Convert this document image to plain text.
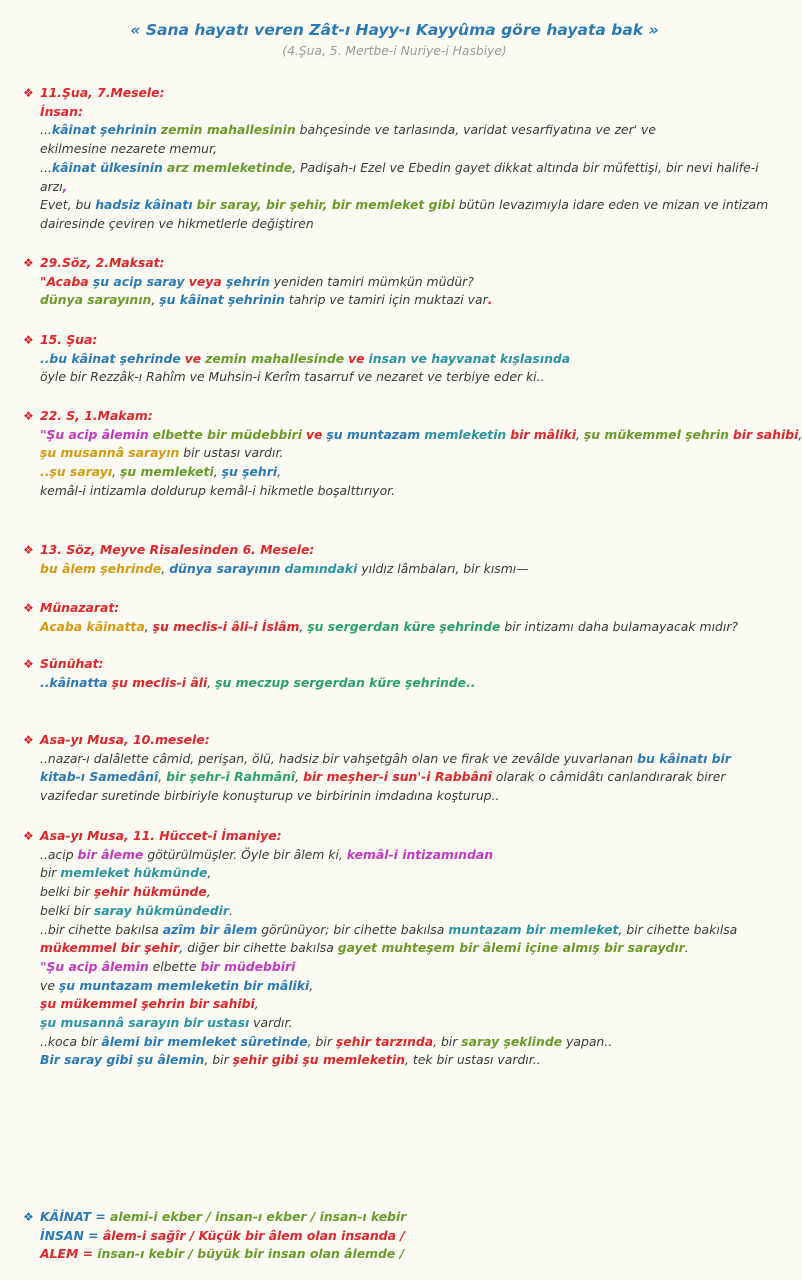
« Sana hayatı veren Zât-ı Hayy-ı Kayyûma göre hayata bak »
(4.Şua, 5. Mertbe-i Nuriye-i Hasbiye)
❖ 11.Şua, 7.Mesele:
İnsan:
...kâinat şehrinin zemin mahallesinin bahçesinde ve tarlasında, varidat vesarfiyatına ve zer' ve
ekilmesine nezarete memur,
...kâinat ülkesinin arz memleketinde, Padişah-ı Ezel ve Ebedin gayet dikkat altında bir müfettişi, bir nevi halife-i
arzı,
Evet, bu hadsiz kâinatı bir saray, bir şehir, bir memleket gibi bütün levazımıyla idare eden ve mizan ve intizam
dairesinde çeviren ve hikmetlerle değiştiren
❖ 29.Söz, 2.Maksat:
"Acaba şu acip saray veya şehrin yeniden tamiri mümkün müdür?
dünya sarayının, şu kâinat şehrinin tahrip ve tamiri için muktazi var.
❖ 15. Şua:
..bu kâinat şehrinde ve zemin mahallesinde ve insan ve hayvanat kışlasında
öyle bir Rezzâk-ı Rahîm ve Muhsin-i Kerîm tasarruf ve nezaret ve terbiye eder ki..
❖ 22. S, 1.Makam:
"Şu acip âlemin elbette bir müdebbiri ve şu muntazam memleketin bir mâliki, şu mükemmel şehrin bir sahibi,
şu musannâ sarayın bir ustası vardır.
..şu sarayı, şu memleketi, şu şehri,
kemâl-i intizamla doldurup kemâl-i hikmetle boşalttırıyor.
❖ 13. Söz, Meyve Risalesinden 6. Mesele:
bu âlem şehrinde, dünya sarayının damındaki yıldız lâmbaları, bir kısmı—
❖ Münazarat:
Acaba kâinatta, şu meclis-i âli-i İslâm, şu sergerdan küre şehrinde bir intizamı daha bulamayacak mıdır?
❖ Sünühat:
..kâinatta şu meclis-i âli, şu meczup sergerdan küre şehrinde..
❖ Asa-yı Musa, 10.mesele:
..nazar-ı dalâlette câmid, perişan, ölü, hadsiz bir vahşetgâh olan ve firak ve zevâlde yuvarlanan bu kâinatı bir
kitab-ı Samedânî, bir şehr-i Rahmânî, bir meşher-i sun'-i Rabbânî olarak o câmidâtı canlandırarak birer
vazifedar suretinde birbiriyle konuşturup ve birbirinin imdadına koşturup..
❖ Asa-yı Musa, 11. Hüccet-i İmaniye:
..acip bir âleme götürülmüşler. Öyle bir âlem ki, kemâl-i intizamından
bir memleket hükmünde,
belki bir şehir hükmünde,
belki bir saray hükmündedir.
..bir cihette bakılsa azîm bir âlem görünüyor; bir cihette bakılsa muntazam bir memleket, bir cihette bakılsa
mükemmel bir şehir, diğer bir cihette bakılsa gayet muhteşem bir âlemi içine almış bir saraydır.
"Şu acip âlemin elbette bir müdebbiri
ve şu muntazam memleketin bir mâliki,
şu mükemmel şehrin bir sahibi,
şu musannâ sarayın bir ustası vardır.
..koca bir âlemi bir memleket sûretinde, bir şehir tarzında, bir saray şeklinde yapan..
Bir saray gibi şu âlemin, bir şehir gibi şu memleketin, tek bir ustası vardır..
❖ KÂİNAT = alemi-i ekber / insan-ı ekber / insan-ı kebir
İNSAN = âlem-i sağîr / Küçük bir âlem olan insanda /
ALEM = insan-ı kebir / büyük bir insan olan âlemde /
